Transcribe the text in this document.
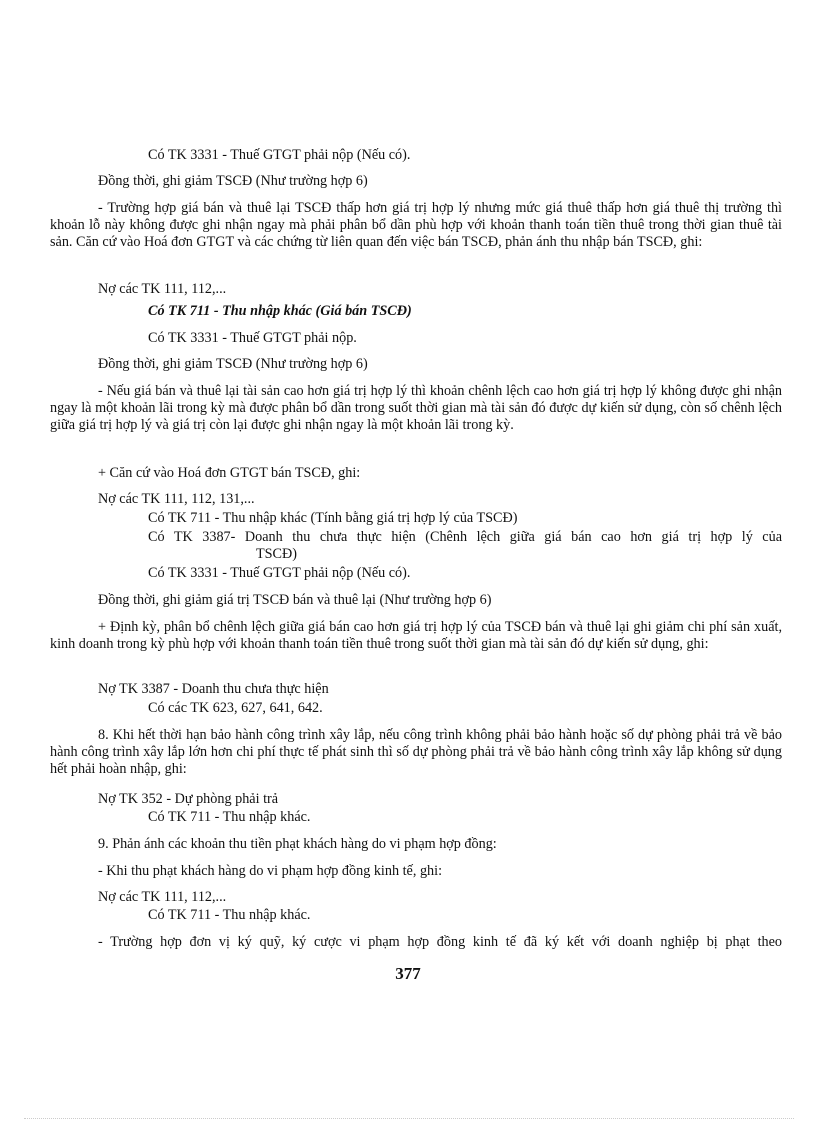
Có TK 3331 - Thuế GTGT phải nộp (Nếu có).
Đồng thời, ghi giảm TSCĐ (Như trường hợp 6)
- Trường hợp giá bán và thuê lại TSCĐ thấp hơn giá trị hợp lý nhưng mức giá thuê thấp hơn giá thuê thị trường thì khoản lỗ này không được ghi nhận ngay mà phải phân bổ dần phù hợp với khoản thanh toán tiền thuê trong thời gian thuê tài sản. Căn cứ vào Hoá đơn GTGT và các chứng từ liên quan đến việc bán TSCĐ, phản ánh thu nhập bán TSCĐ, ghi:
Nợ các TK 111, 112,...
Có TK 711 - Thu nhập khác (Giá bán TSCĐ)
Có TK 3331 - Thuế GTGT phải nộp.
Đồng thời, ghi giảm TSCĐ (Như trường hợp 6)
- Nếu giá bán và thuê lại tài sản cao hơn giá trị hợp lý thì khoản chênh lệch cao hơn giá trị hợp lý không được ghi nhận ngay là một khoản lãi trong kỳ mà được phân bổ dần trong suốt thời gian mà tài sản đó được dự kiến sử dụng, còn số chênh lệch giữa giá trị hợp lý và giá trị còn lại được ghi nhận ngay là một khoản lãi trong kỳ.
+ Căn cứ vào Hoá đơn GTGT bán TSCĐ, ghi:
Nợ các TK 111, 112, 131,...
Có TK 711 - Thu nhập khác (Tính bằng giá trị hợp lý của TSCĐ)
Có TK 3387- Doanh thu chưa thực hiện (Chênh lệch giữa giá bán cao hơn giá trị hợp lý của
TSCĐ)
Có TK 3331 - Thuế GTGT phải nộp (Nếu có).
Đồng thời, ghi giảm giá trị TSCĐ bán và thuê lại (Như trường hợp 6)
+ Định kỳ, phân bổ chênh lệch giữa giá bán cao hơn giá trị hợp lý của TSCĐ bán và thuê lại ghi giảm chi phí sản xuất, kinh doanh trong kỳ phù hợp với khoản thanh toán tiền thuê trong suốt thời gian mà tài sản đó dự kiến sử dụng, ghi:
Nợ TK 3387 - Doanh thu chưa thực hiện
Có các TK 623, 627, 641, 642.
8. Khi hết thời hạn bảo hành công trình xây lắp, nếu công trình không phải bảo hành hoặc số dự phòng phải trả về bảo hành công trình xây lắp lớn hơn chi phí thực tế phát sinh thì số dự phòng phải trả về bảo hành công trình xây lắp không sử dụng hết phải hoàn nhập, ghi:
Nợ TK 352 - Dự phòng phải trả
Có TK 711 - Thu nhập khác.
9. Phản ánh các khoản thu tiền phạt khách hàng do vi phạm hợp đồng:
- Khi thu phạt khách hàng do vi phạm hợp đồng kinh tế, ghi:
Nợ các TK 111, 112,...
Có TK 711 - Thu nhập khác.
- Trường hợp đơn vị ký quỹ, ký cược vi phạm hợp đồng kinh tế đã ký kết với doanh nghiệp bị phạt theo
377
